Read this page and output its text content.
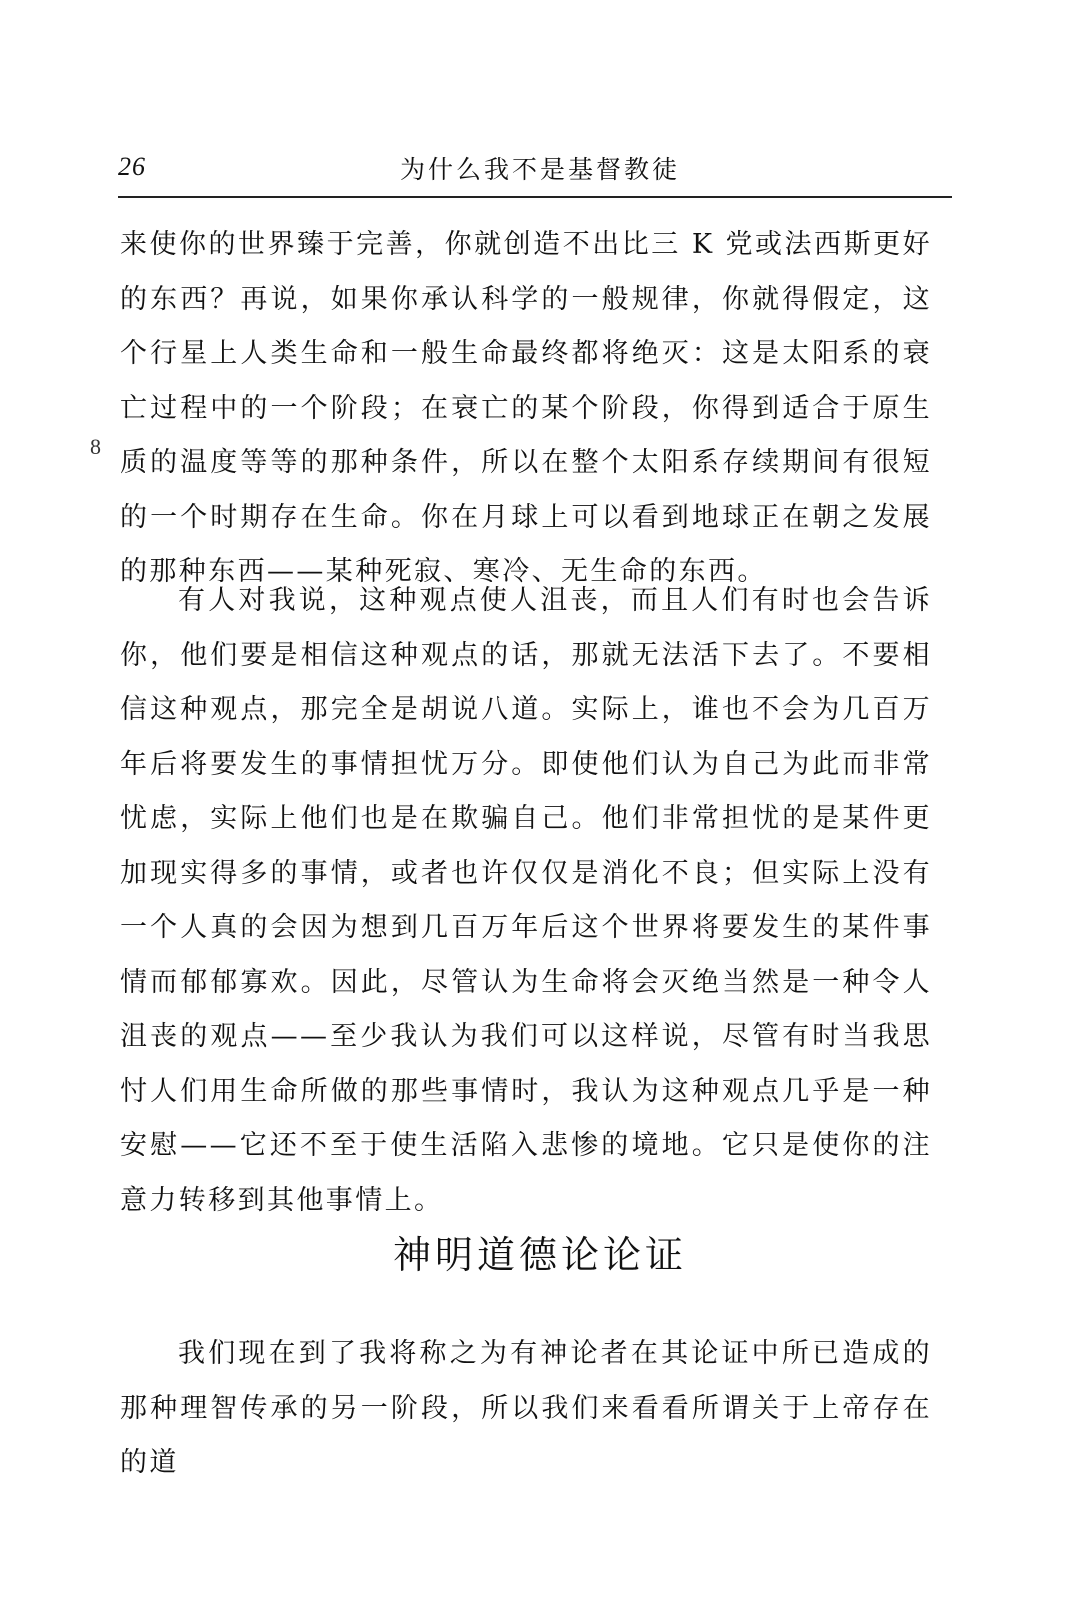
26	为什么我不是基督教徒
8

来使你的世界臻于完善，你就创造不出比三 K 党或法西斯更好的东西？再说，如果你承认科学的一般规律，你就得假定，这个行星上人类生命和一般生命最终都将绝灭：这是太阳系的衰亡过程中的一个阶段；在衰亡的某个阶段，你得到适合于原生质的温度等等的那种条件，所以在整个太阳系存续期间有很短的一个时期存在生命。你在月球上可以看到地球正在朝之发展的那种东西——某种死寂、寒冷、无生命的东西。

有人对我说，这种观点使人沮丧，而且人们有时也会告诉你，他们要是相信这种观点的话，那就无法活下去了。不要相信这种观点，那完全是胡说八道。实际上，谁也不会为几百万年后将要发生的事情担忧万分。即使他们认为自己为此而非常忧虑，实际上他们也是在欺骗自己。他们非常担忧的是某件更加现实得多的事情，或者也许仅仅是消化不良；但实际上没有一个人真的会因为想到几百万年后这个世界将要发生的某件事情而郁郁寡欢。因此，尽管认为生命将会灭绝当然是一种令人沮丧的观点——至少我认为我们可以这样说，尽管有时当我思忖人们用生命所做的那些事情时，我认为这种观点几乎是一种安慰——它还不至于使生活陷入悲惨的境地。它只是使你的注意力转移到其他事情上。

神明道德论论证

我们现在到了我将称之为有神论者在其论证中所已造成的那种理智传承的另一阶段，所以我们来看看所谓关于上帝存在的道
